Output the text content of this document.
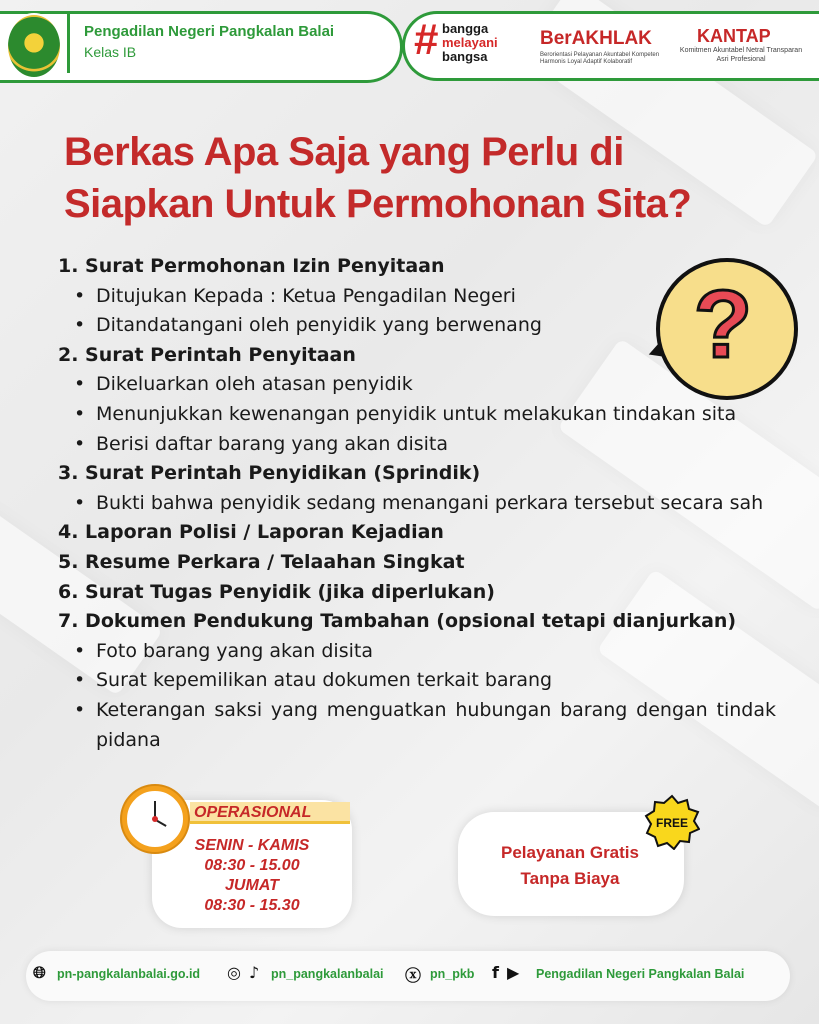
Pengadilan Negeri Pangkalan Balai
Kelas IB	# bangga
melayani
bangsa
BerAKHLAK
Berorientasi Pelayanan Akuntabel Kompeten Harmonis Loyal Adaptif Kolaboratif
KANTAP
Komitmen Akuntabel Netral Transparan Asri Profesional
Berkas Apa Saja yang Perlu di
Siapkan Untuk Permohonan Sita?
?
1. Surat Permohonan Izin Penyitaan
• Ditujukan Kepada : Ketua Pengadilan Negeri
• Ditandatangani oleh penyidik yang berwenang
2. Surat Perintah Penyitaan
• Dikeluarkan oleh atasan penyidik
• Menunjukkan kewenangan penyidik untuk melakukan tindakan sita
• Berisi daftar barang yang akan disita
3. Surat Perintah Penyidikan (Sprindik)
• Bukti bahwa penyidik sedang menangani perkara tersebut secara sah
4. Laporan Polisi / Laporan Kejadian
5. Resume Perkara / Telaahan Singkat
6. Surat Tugas Penyidik (jika diperlukan)
7. Dokumen Pendukung Tambahan (opsional tetapi dianjurkan)
• Foto barang yang akan disita
• Surat kepemilikan atau dokumen terkait barang
• Keterangan saksi yang menguatkan hubungan barang dengan tindak pidana
OPERASIONAL
SENIN - KAMIS
08:30 - 15.00
JUMAT
08:30 - 15.30
Pelayanan Gratis
Tanpa Biaya
FREE
🌐︎ pn-pangkalanbalai.go.id ◎ ♪ pn_pangkalanbalai ⓧ pn_pkb f ▶ Pengadilan Negeri Pangkalan Balai
